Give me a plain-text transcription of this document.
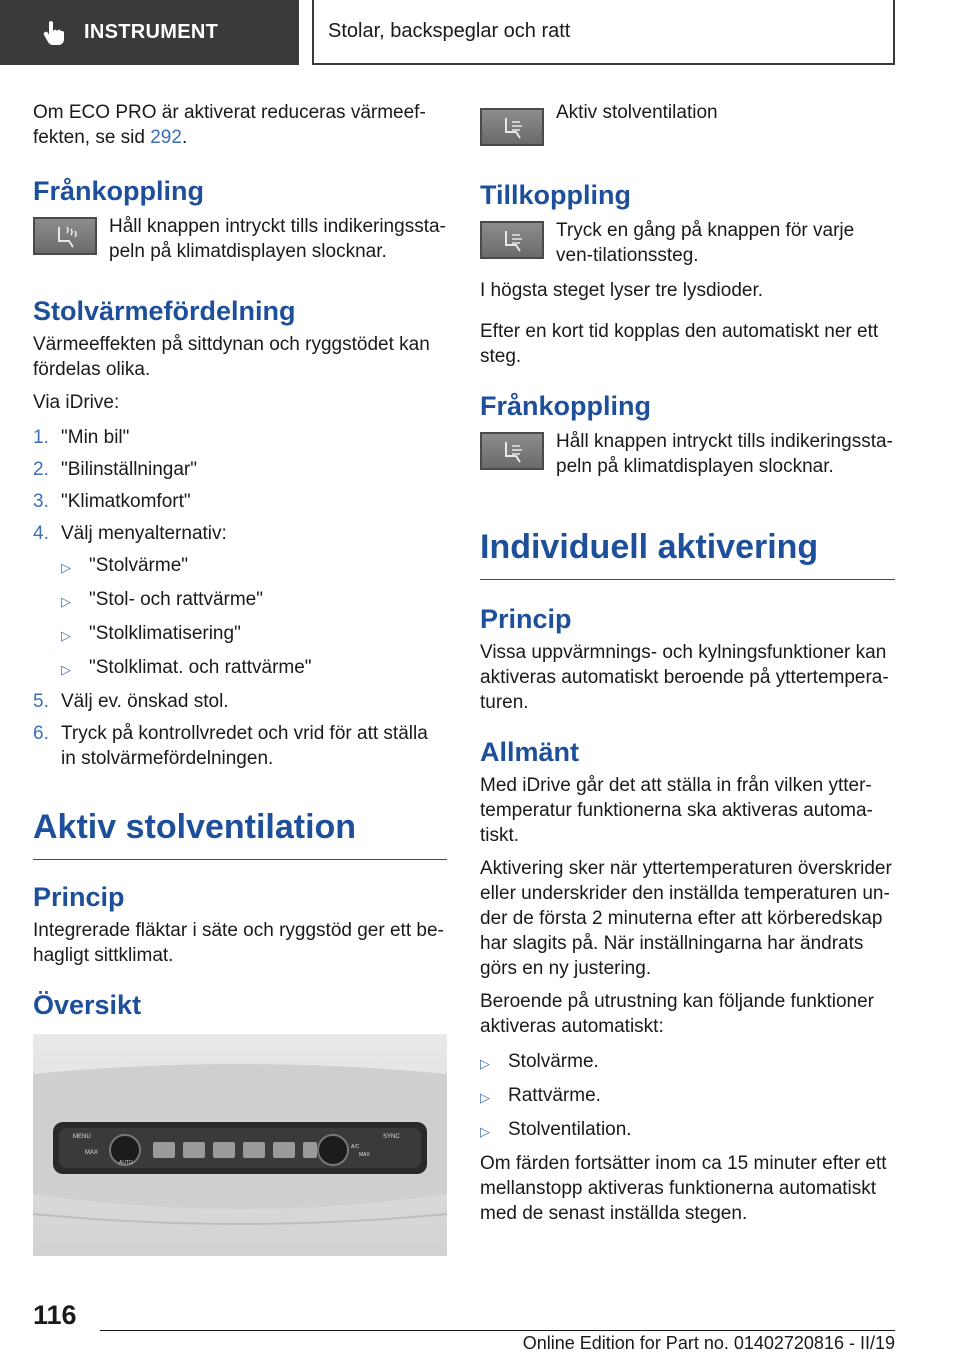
INSTRUMENT	Stolar, backspeglar och ratt

Om ECO PRO är aktiverat reduceras värmeef-fekten, se sid 292.

Frånkoppling
Håll knappen intryckt tills indikeringssta-peln på klimatdisplayen slocknar.
Stolvärmefördelning

Värmeeffekten på sittdynan och ryggstödet kan fördelas olika.

Via iDrive:

1. "Min bil"
2. "Bilinställningar"
3. "Klimatkomfort"
4. Välj menyalternativ:
▷ "Stolvärme"
▷ "Stol- och rattvärme"
▷ "Stolklimatisering"
▷ "Stolklimat. och rattvärme"
5. Välj ev. önskad stol.
6. Tryck på kontrollvredet och vrid för att ställa in stolvärmefördelningen.
Aktiv stolventilation
Princip

Integrerade fläktar i säte och ryggstöd ger ett be-hagligt sittklimat.

Översikt
MENU
MAX
AUTO
A/C
MAX
SYNC
Aktiv stolventilation
Tillkoppling
Tryck en gång på knappen för varje ven-tilationssteg.

I högsta steget lyser tre lysdioder.

Efter en kort tid kopplas den automatiskt ner ett steg.

Frånkoppling
Håll knappen intryckt tills indikeringssta-peln på klimatdisplayen slocknar.
Individuell aktivering
Princip

Vissa uppvärmnings- och kylningsfunktioner kan aktiveras automatiskt beroende på yttertempera-turen.

Allmänt

Med iDrive går det att ställa in från vilken ytter-temperatur funktionerna ska aktiveras automa-tiskt.

Aktivering sker när yttertemperaturen överskrider eller underskrider den inställda temperaturen un-der de första 2 minuterna efter att körberedskap har slagits på. När inställningarna har ändrats görs en ny justering.

Beroende på utrustning kan följande funktioner aktiveras automatiskt:

▷ Stolvärme.
▷ Rattvärme.
▷ Stolventilation.

Om färden fortsätter inom ca 15 minuter efter ett mellanstopp aktiveras funktionerna automatiskt med de senast inställda stegen.

116
Online Edition for Part no. 01402720816 - II/19
